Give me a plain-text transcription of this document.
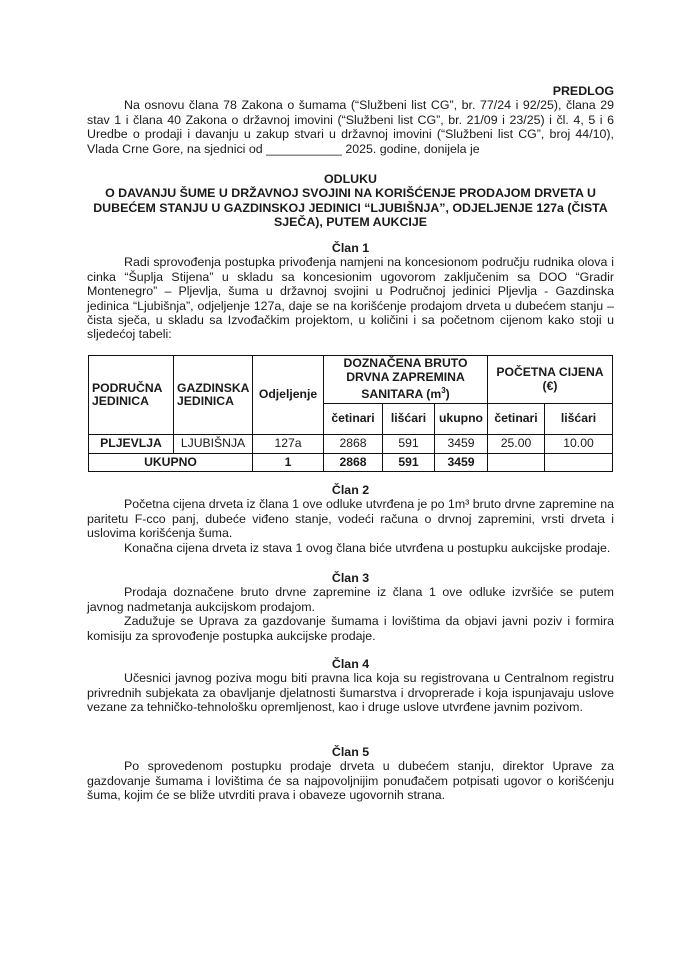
PREDLOG

Na osnovu člana 78 Zakona o šumama (“Službeni list CG”, br. 77/24 i 92/25), člana 29 stav 1 i člana 40 Zakona o državnoj imovini (“Službeni list CG”, br. 21/09 i 23/25) i čl. 4, 5 i 6 Uredbe o prodaji i davanju u zakup stvari u državnoj imovini (“Službeni list CG”, broj 44/10), Vlada Crne Gore, na sjednici od ___________ 2025. godine, donijela je

ODLUKU

O DAVANJU ŠUME U DRŽAVNOJ SVOJINI NA KORIŠĆENJE PRODAJOM DRVETA U DUBEĆEM STANJU U GAZDINSKOJ JEDINICI “LJUBIŠNJA”, ODJELJENJE 127a (ČISTA SJEČA), PUTEM AUKCIJE

Član 1

Radi sprovođenja postupka privođenja namjeni na koncesionom području rudnika olova i cinka “Šuplja Stijena” u skladu sa koncesionim ugovorom zaključenim sa DOO “Gradir Montenegro” – Pljevlja, šuma u državnoj svojini u Područnoj jedinici Pljevlja - Gazdinska jedinica “Ljubišnja”, odjeljenje 127a, daje se na korišćenje prodajom drveta u dubećem stanju – čista sječa, u skladu sa Izvođačkim projektom, u količini i sa početnom cijenom kako stoji u sljedećoj tabeli:

PODRUČNA JEDINICA	GAZDINSKA JEDINICA	Odjeljenje	DOZNAČENA BRUTO DRVNA ZAPREMINA SANITARA $(m^3)$			POČETNA CIJENA (€)	
			četinari	lišćari	ukupno	četinari	lišćari
PLJEVLJA	LJUBIŠNJA	127a	2868	591	3459	25.00	10.00
UKUPNO		1	2868	591	3459		

Član 2

Početna cijena drveta iz člana 1 ove odluke utvrđena je po 1m³ bruto drvne zapremine na paritetu F-cco panj, dubeće viđeno stanje, vodeći računa o drvnoj zapremini, vrsti drveta i uslovima korišćenja šuma.

Konačna cijena drveta iz stava 1 ovog člana biće utvrđena u postupku aukcijske prodaje.

Član 3

Prodaja doznačene bruto drvne zapremine iz člana 1 ove odluke izvršiće se putem javnog nadmetanja aukcijskom prodajom.

Zadužuje se Uprava za gazdovanje šumama i lovištima da objavi javni poziv i formira komisiju za sprovođenje postupka aukcijske prodaje.

Član 4

Učesnici javnog poziva mogu biti pravna lica koja su registrovana u Centralnom registru privrednih subjekata za obavljanje djelatnosti šumarstva i drvoprerade i koja ispunjavaju uslove vezane za tehničko-tehnološku opremljenost, kao i druge uslove utvrđene javnim pozivom.

Član 5

Po sprovedenom postupku prodaje drveta u dubećem stanju, direktor Uprave za gazdovanje šumama i lovištima će sa najpovoljnijim ponuđačem potpisati ugovor o korišćenju šuma, kojim će se bliže utvrditi prava i obaveze ugovornih strana.
